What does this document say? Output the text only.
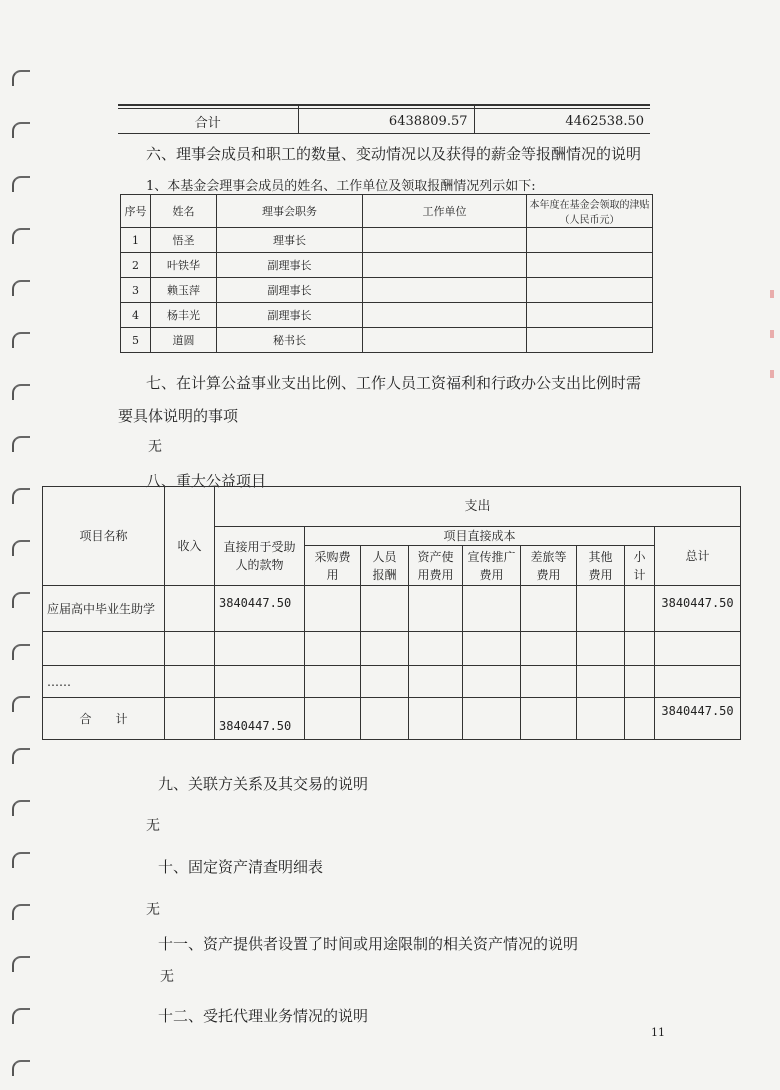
合计	6438809.57	4462538.50
六、理事会成员和职工的数量、变动情况以及获得的薪金等报酬情况的说明
1、本基金会理事会成员的姓名、工作单位及领取报酬情况列示如下:
序号	姓名	理事会职务	工作单位	本年度在基金会领取的津贴（人民币元）
1	悟圣	理事长		
2	叶铁华	副理事长		
3	赖玉萍	副理事长		
4	杨丰光	副理事长		
5	道圆	秘书长		
七、在计算公益事业支出比例、工作人员工资福利和行政办公支出比例时需
要具体说明的事项
无
八、重大公益项目
项目名称	收入	支出								
		直接用于受助人的款物	项目直接成本							总计
			采购费用	人员报酬	资产使用费用	宣传推广费用	差旅等费用	其他费用	小计	
应届高中毕业生助学		3840447.50								3840447.50

……										
合　　计		3840447.50								3840447.50
九、关联方关系及其交易的说明
无
十、固定资产清查明细表
无
十一、资产提供者设置了时间或用途限制的相关资产情况的说明
无
十二、受托代理业务情况的说明
11
